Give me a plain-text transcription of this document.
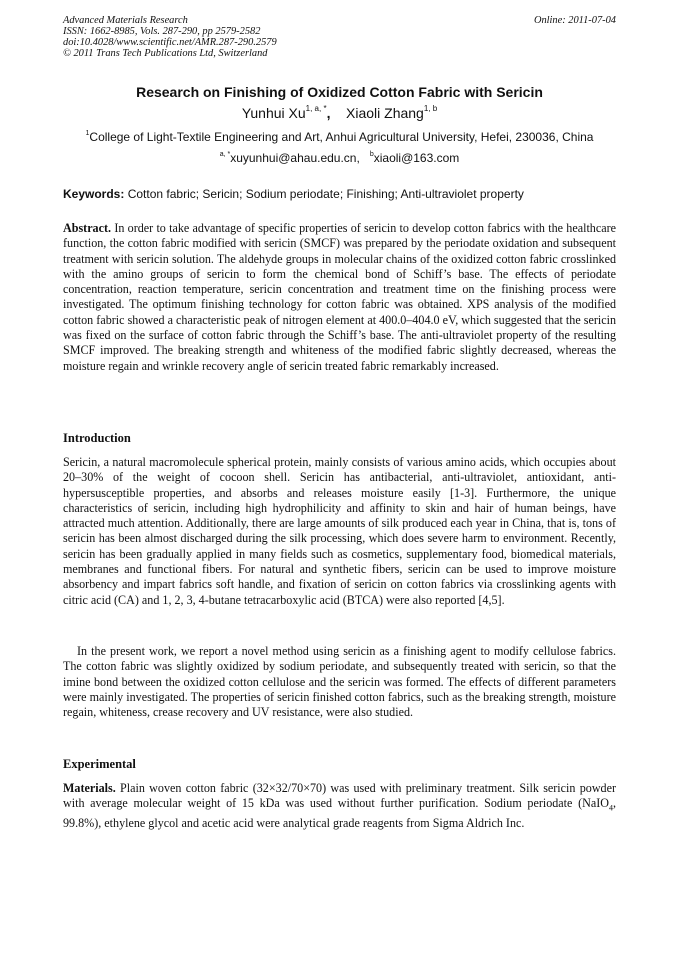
Advanced Materials Research
ISSN: 1662-8985, Vols. 287-290, pp 2579-2582
doi:10.4028/www.scientific.net/AMR.287-290.2579
© 2011 Trans Tech Publications Ltd, Switzerland
Online: 2011-07-04
Research on Finishing of Oxidized Cotton Fabric with Sericin
Yunhui $Xu^{1, a, *}$, Xiaoli Zhang$^{1, b}$
$^1$College of Light-Textile Engineering and Art, Anhui Agricultural University, Hefei, 230036, China
$^{a, *}$xuyunhui@ahau.edu.cn, $^b$xiaoli@163.com
Keywords: Cotton fabric; Sericin; Sodium periodate; Finishing; Anti-ultraviolet property
Abstract. In order to take advantage of specific properties of sericin to develop cotton fabrics with the healthcare function, the cotton fabric modified with sericin (SMCF) was prepared by the periodate oxidation and subsequent treatment with sericin solution. The aldehyde groups in molecular chains of the oxidized cotton fabric crosslinked with the amino groups of sericin to form the chemical bond of Schiff’s base. The effects of periodate concentration, reaction temperature, sericin concentration and treatment time on the finishing process were investigated. The optimum finishing technology for cotton fabric was obtained. XPS analysis of the modified cotton fabric showed a characteristic peak of nitrogen element at 400.0–404.0 eV, which suggested that the sericin was fixed on the surface of cotton fabric through the Schiff’s base. The anti-ultraviolet property of the resulting SMCF improved. The breaking strength and whiteness of the modified fabric slightly decreased, whereas the moisture regain and wrinkle recovery angle of sericin treated fabric remarkably increased.
Introduction
Sericin, a natural macromolecule spherical protein, mainly consists of various amino acids, which occupies about 20–30% of the weight of cocoon shell. Sericin has antibacterial, anti-ultraviolet, antioxidant, anti-hypersusceptible properties, and absorbs and releases moisture easily [1-3]. Furthermore, the unique characteristics of sericin, including high hydrophilicity and affinity to skin and hair of human beings, have attracted much attention. Additionally, there are large amounts of silk produced each year in China, that is, tons of sericin has been almost discharged during the silk processing, which does severe harm to environment. Recently, sericin has been gradually applied in many fields such as cosmetics, supplementary food, biomedical materials, membranes and functional fibers. For natural and synthetic fibers, sericin can be used to improve moisture absorbency and impart fabrics soft handle, and fixation of sericin on cotton fabrics via crosslinking agents with citric acid (CA) and 1, 2, 3, 4-butane tetracarboxylic acid (BTCA) were also reported [4,5].
In the present work, we report a novel method using sericin as a finishing agent to modify cellulose fabrics. The cotton fabric was slightly oxidized by sodium periodate, and subsequently treated with sericin, so that the imine bond between the oxidized cotton cellulose and the sericin was formed. The effects of different parameters were mainly investigated. The properties of sericin finished cotton fabrics, such as the breaking strength, moisture regain, whiteness, crease recovery and UV resistance, were also studied.
Experimental
Materials. Plain woven cotton fabric (32×32/70×70) was used with preliminary treatment. Silk sericin powder with average molecular weight of 15 kDa was used without further purification. Sodium periodate (NaIO$_4$, 99.8%), ethylene glycol and acetic acid were analytical grade reagents from Sigma Aldrich Inc.
